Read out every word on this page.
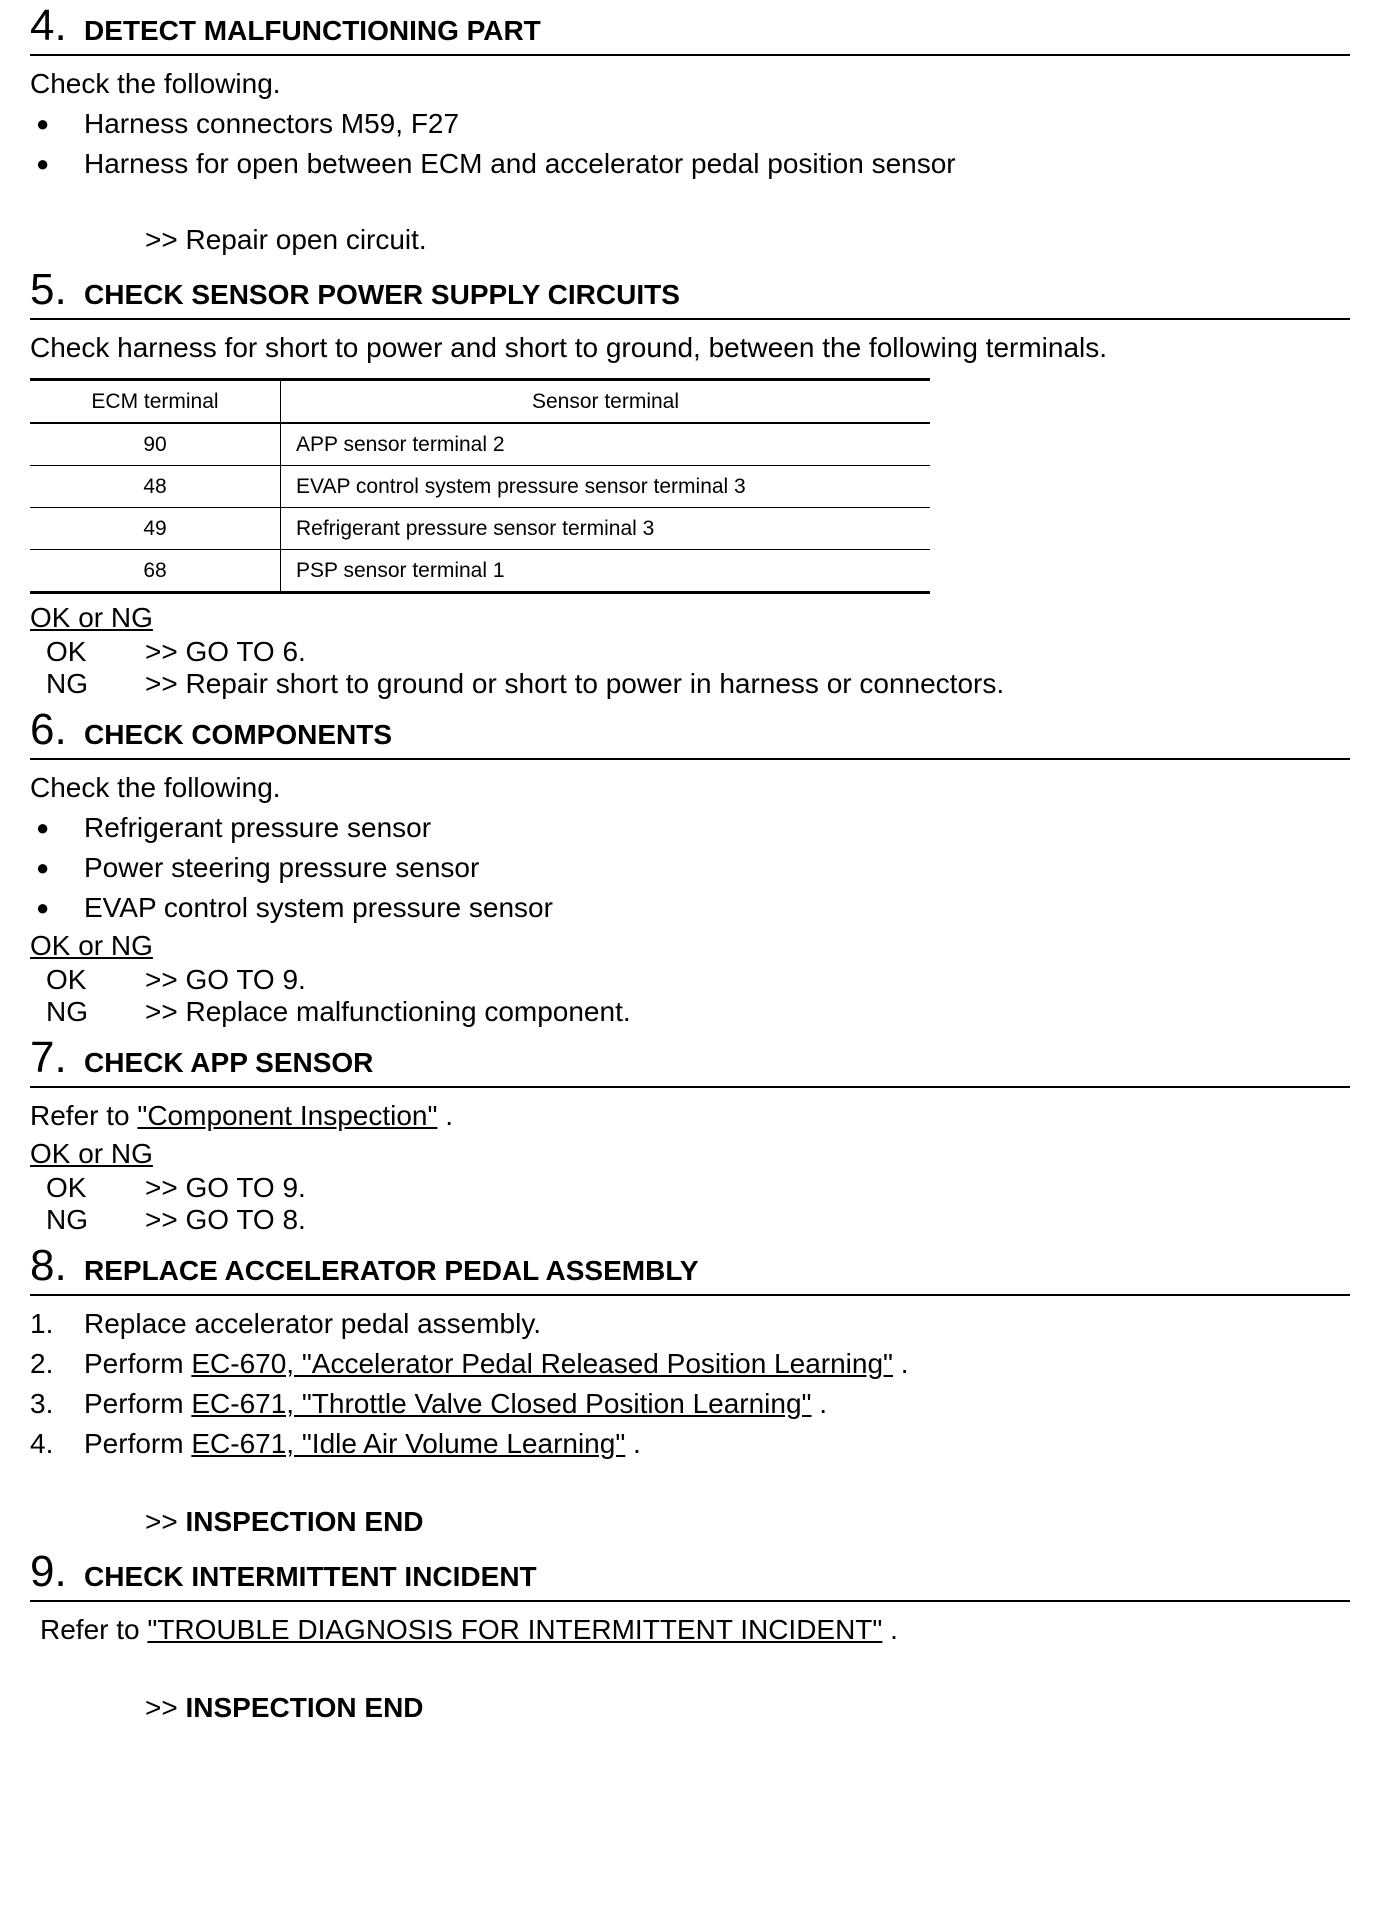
4. DETECT MALFUNCTIONING PART
Check the following.
●	Harness connectors M59, F27
●	Harness for open between ECM and accelerator pedal position sensor
>> Repair open circuit.
5. CHECK SENSOR POWER SUPPLY CIRCUITS
Check harness for short to power and short to ground, between the following terminals.
ECM terminal	Sensor terminal
90	APP sensor terminal 2
48	EVAP control system pressure sensor terminal 3
49	Refrigerant pressure sensor terminal 3
68	PSP sensor terminal 1
OK or NG
OK	>> GO TO 6.
NG	>> Repair short to ground or short to power in harness or connectors.
6. CHECK COMPONENTS
Check the following.
●	Refrigerant pressure sensor
●	Power steering pressure sensor
●	EVAP control system pressure sensor
OK or NG
OK	>> GO TO 9.
NG	>> Replace malfunctioning component.
7. CHECK APP SENSOR
Refer to "Component Inspection" .
OK or NG
OK	>> GO TO 9.
NG	>> GO TO 8.
8. REPLACE ACCELERATOR PEDAL ASSEMBLY
1.	Replace accelerator pedal assembly.
2.	Perform EC-670, "Accelerator Pedal Released Position Learning" .
3.	Perform EC-671, "Throttle Valve Closed Position Learning" .
4.	Perform EC-671, "Idle Air Volume Learning" .
>> INSPECTION END
9. CHECK INTERMITTENT INCIDENT
Refer to "TROUBLE DIAGNOSIS FOR INTERMITTENT INCIDENT" .
>> INSPECTION END
